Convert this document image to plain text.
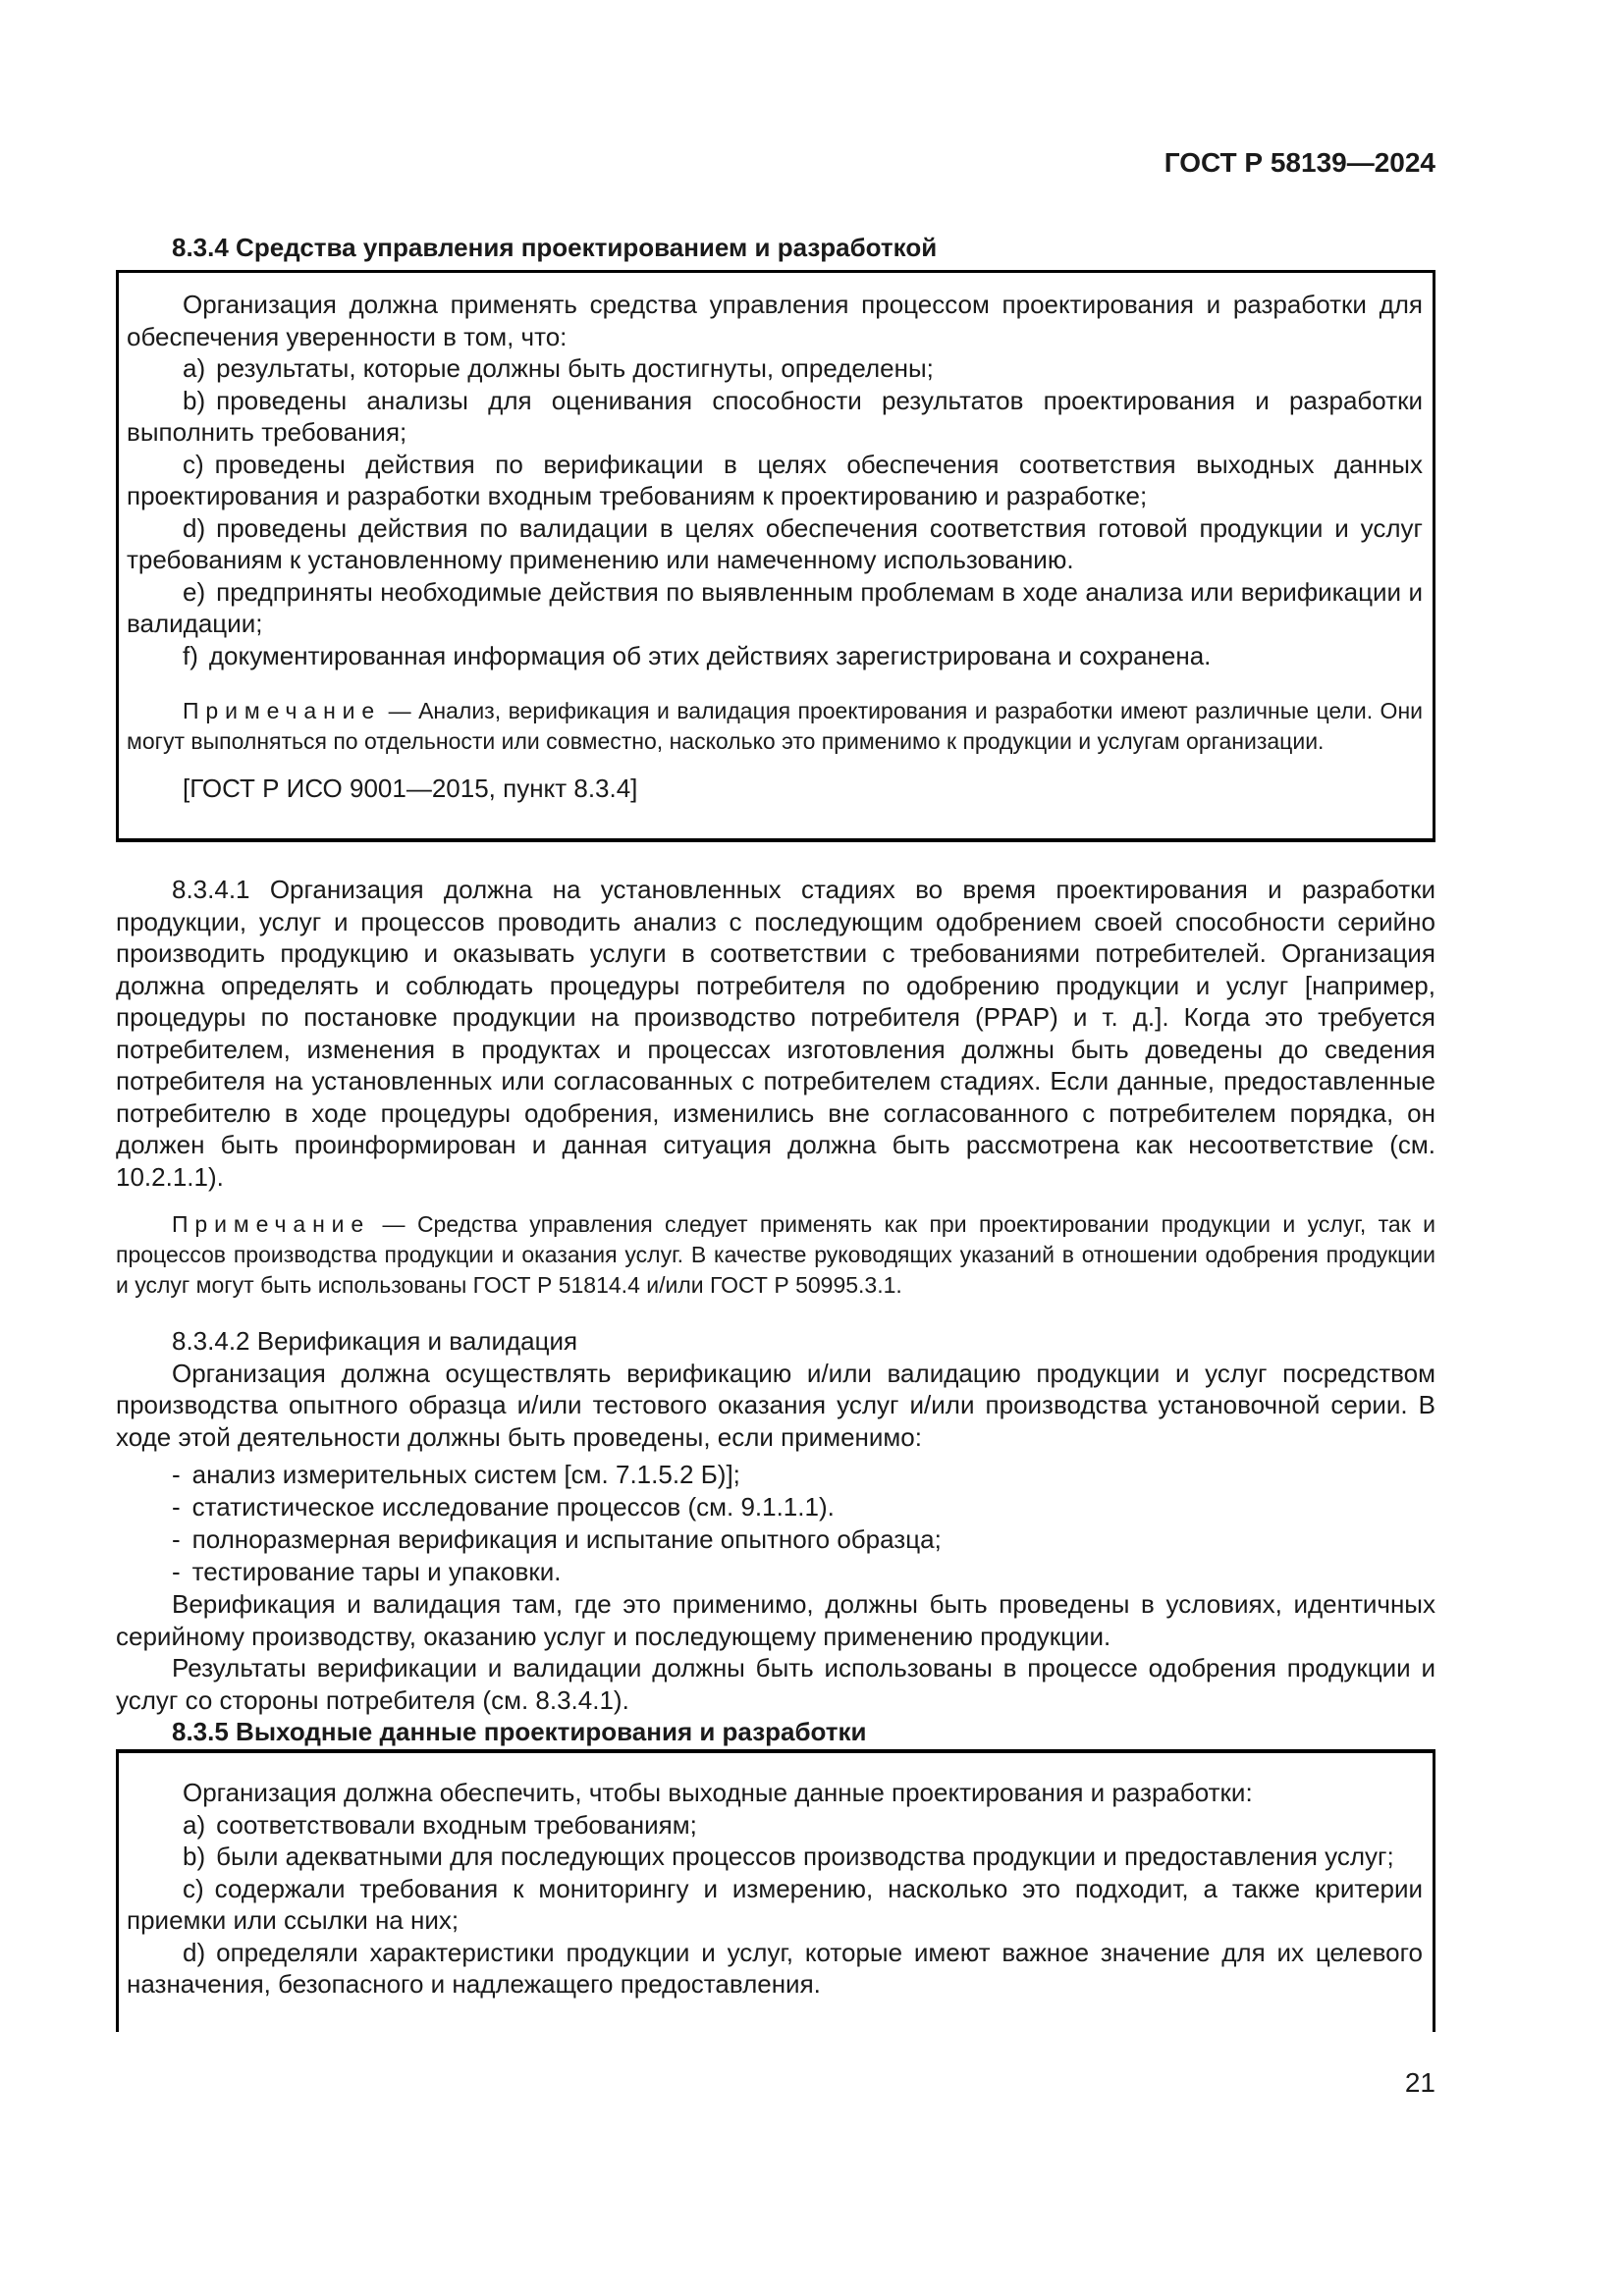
ГОСТ Р 58139—2024

8.3.4 Средства управления проектированием и разработкой

Организация должна применять средства управления процессом проектирования и разработки для обеспечения уверенности в том, что:

a) результаты, которые должны быть достигнуты, определены;

b) проведены анализы для оценивания способности результатов проектирования и разработки выполнить требования;

c) проведены действия по верификации в целях обеспечения соответствия выходных данных проектирования и разработки входным требованиям к проектированию и разработке;

d) проведены действия по валидации в целях обеспечения соответствия готовой продукции и услуг требованиям к установленному применению или намеченному использованию.

e) предприняты необходимые действия по выявленным проблемам в ходе анализа или верификации и валидации;

f) документированная информация об этих действиях зарегистрирована и сохранена.

Примечание — Анализ, верификация и валидация проектирования и разработки имеют различные цели. Они могут выполняться по отдельности или совместно, насколько это применимо к продукции и услугам организации.

[ГОСТ Р ИСО 9001—2015, пункт 8.3.4]

8.3.4.1 Организация должна на установленных стадиях во время проектирования и разработки продукции, услуг и процессов проводить анализ с последующим одобрением своей способности серийно производить продукцию и оказывать услуги в соответствии с требованиями потребителей. Организация должна определять и соблюдать процедуры потребителя по одобрению продукции и услуг [например, процедуры по постановке продукции на производство потребителя (PPAP) и т. д.]. Когда это требуется потребителем, изменения в продуктах и процессах изготовления должны быть доведены до сведения потребителя на установленных или согласованных с потребителем стадиях. Если данные, предоставленные потребителю в ходе процедуры одобрения, изменились вне согласованного с потребителем порядка, он должен быть проинформирован и данная ситуация должна быть рассмотрена как несоответствие (см. 10.2.1.1).

Примечание — Средства управления следует применять как при проектировании продукции и услуг, так и процессов производства продукции и оказания услуг. В качестве руководящих указаний в отношении одобрения продукции и услуг могут быть использованы ГОСТ Р 51814.4 и/или ГОСТ Р 50995.3.1.

8.3.4.2 Верификация и валидация

Организация должна осуществлять верификацию и/или валидацию продукции и услуг посредством производства опытного образца и/или тестового оказания услуг и/или производства установочной серии. В ходе этой деятельности должны быть проведены, если применимо:

- анализ измерительных систем [см. 7.1.5.2 Б)];

- статистическое исследование процессов (см. 9.1.1.1).

- полноразмерная верификация и испытание опытного образца;

- тестирование тары и упаковки.

Верификация и валидация там, где это применимо, должны быть проведены в условиях, идентичных серийному производству, оказанию услуг и последующему применению продукции.

Результаты верификации и валидации должны быть использованы в процессе одобрения продукции и услуг со стороны потребителя (см. 8.3.4.1).

8.3.5 Выходные данные проектирования и разработки

Организация должна обеспечить, чтобы выходные данные проектирования и разработки:

a) соответствовали входным требованиям;

b) были адекватными для последующих процессов производства продукции и предоставления услуг;

c) содержали требования к мониторингу и измерению, насколько это подходит, а также критерии приемки или ссылки на них;

d) определяли характеристики продукции и услуг, которые имеют важное значение для их целевого назначения, безопасного и надлежащего предоставления.

21
